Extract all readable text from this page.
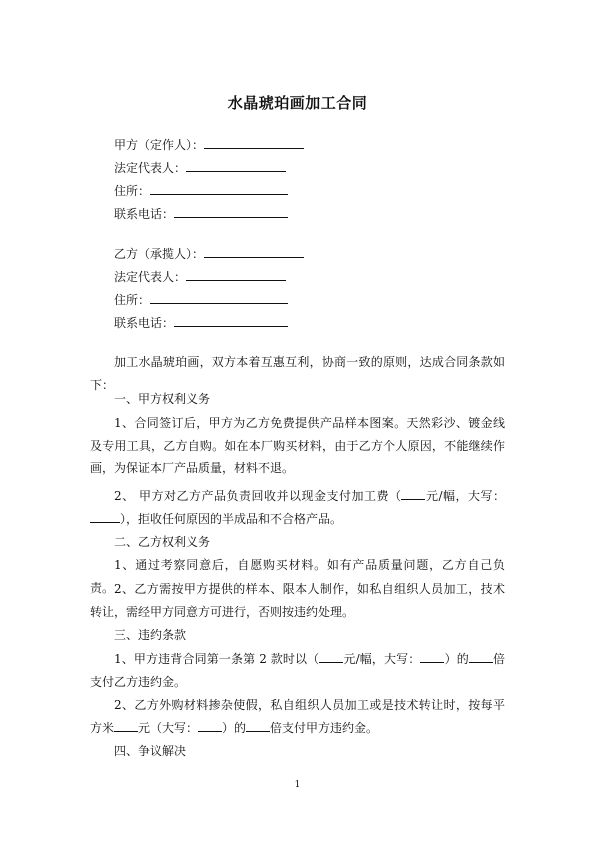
水晶琥珀画加工合同
甲方（定作人）：
法定代表人：
住所：
联系电话：
乙方（承揽人）：
法定代表人：
住所：
联系电话：
加工水晶琥珀画，双方本着互惠互利，协商一致的原则，达成合同条款如下：
一、甲方权利义务
1、合同签订后，甲方为乙方免费提供产品样本图案。天然彩沙、镀金线及专用工具，乙方自购。如在本厂购买材料，由于乙方个人原因，不能继续作画，为保证本厂产品质量，材料不退。
2、 甲方对乙方产品负责回收并以现金支付加工费（ 元/幅，大写：），拒收任何原因的半成品和不合格产品。
二、乙方权利义务
1、通过考察同意后，自愿购买材料。如有产品质量问题，乙方自己负责。 2、乙方需按甲方提供的样本、限本人制作，如私自组织人员加工，技术转让，需经甲方同意方可进行，否则按违约处理。
三、违约条款
1、甲方违背合同第一条第 2 款时以（ 元/幅，大写： ）的 倍支付乙方违约金。
2、乙方外购材料掺杂使假，私自组织人员加工或是技术转让时，按每平方米 元（大写： ）的 倍支付甲方违约金。
四、争议解决
1
